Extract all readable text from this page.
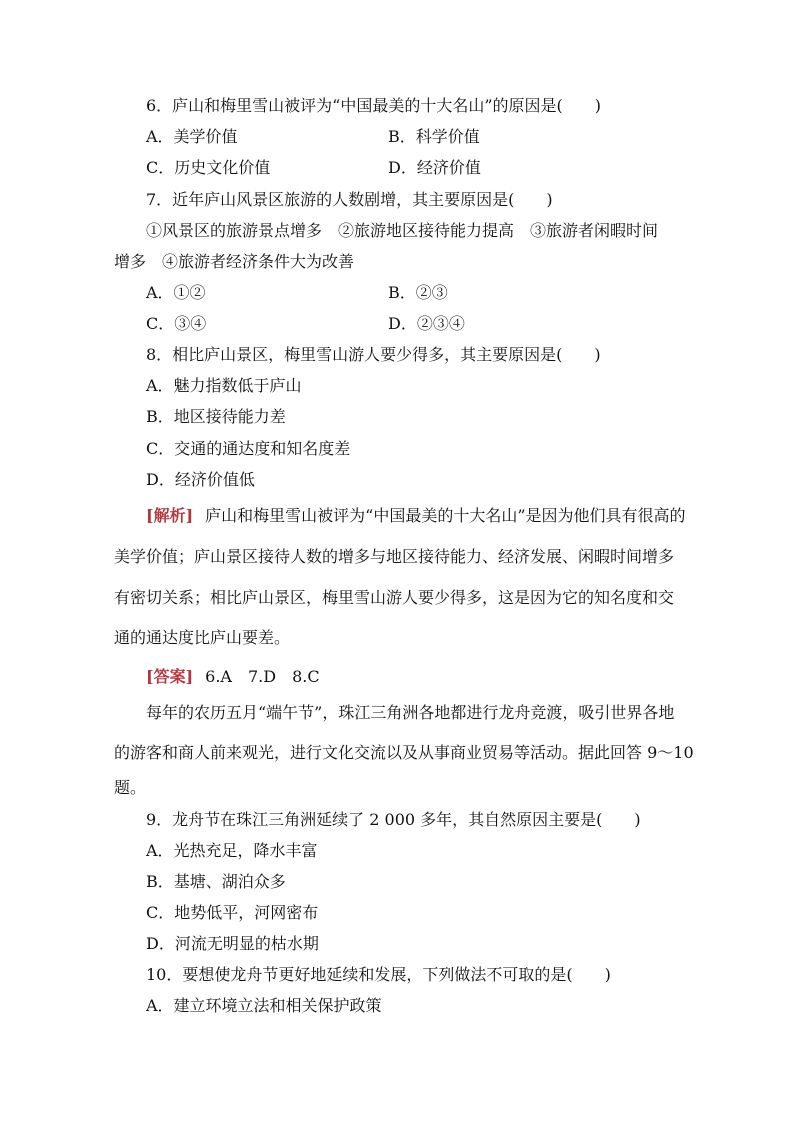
6．庐山和梅里雪山被评为“中国最美的十大名山”的原因是(　　)
A．美学价值	B．科学价值
C．历史文化价值	D．经济价值
7．近年庐山风景区旅游的人数剧增，其主要原因是(　　)
①风景区的旅游景点增多　②旅游地区接待能力提高　③旅游者闲暇时间
增多　④旅游者经济条件大为改善
A．①②	B．②③
C．③④	D．②③④
8．相比庐山景区，梅里雪山游人要少得多，其主要原因是(　　)
A．魅力指数低于庐山
B．地区接待能力差
C．交通的通达度和知名度差
D．经济价值低
[解析] 庐山和梅里雪山被评为“中国最美的十大名山”是因为他们具有很高的
美学价值；庐山景区接待人数的增多与地区接待能力、经济发展、闲暇时间增多
有密切关系；相比庐山景区，梅里雪山游人要少得多，这是因为它的知名度和交
通的通达度比庐山要差。
[答案] 6.A　7.D　8.C
每年的农历五月“端午节”，珠江三角洲各地都进行龙舟竞渡，吸引世界各地
的游客和商人前来观光，进行文化交流以及从事商业贸易等活动。据此回答 9～10
题。
9．龙舟节在珠江三角洲延续了 2 000 多年，其自然原因主要是(　　)
A．光热充足，降水丰富
B．基塘、湖泊众多
C．地势低平，河网密布
D．河流无明显的枯水期
10．要想使龙舟节更好地延续和发展，下列做法不可取的是(　　)
A．建立环境立法和相关保护政策
